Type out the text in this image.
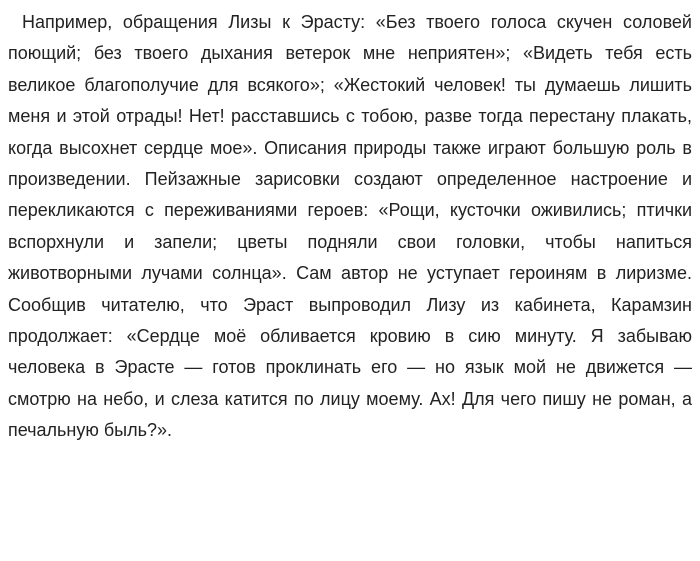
Например, обращения Лизы к Эрасту: «Без твоего голоса скучен соловей поющий; без твоего дыхания ветерок мне неприятен»; «Видеть тебя есть великое благополучие для всякого»; «Жестокий человек! ты думаешь лишить меня и этой отрады! Нет! расставшись с тобою, разве тогда перестану плакать, когда высохнет сердце мое». Описания природы также играют большую роль в произведении. Пейзажные зарисовки создают определенное настроение и перекликаются с переживаниями героев: «Рощи, кусточки оживились; птички вспорхнули и запели; цветы подняли свои головки, чтобы напиться животворными лучами солнца». Сам автор не уступает героиням в лиризме. Сообщив читателю, что Эраст выпроводил Лизу из кабинета, Карамзин продолжает: «Сердце моё обливается кровию в сию минуту. Я забываю человека в Эрасте — готов проклинать его — но язык мой не движется — смотрю на небо, и слеза катится по лицу моему. Ах! Для чего пишу не роман, а печальную быль?».
